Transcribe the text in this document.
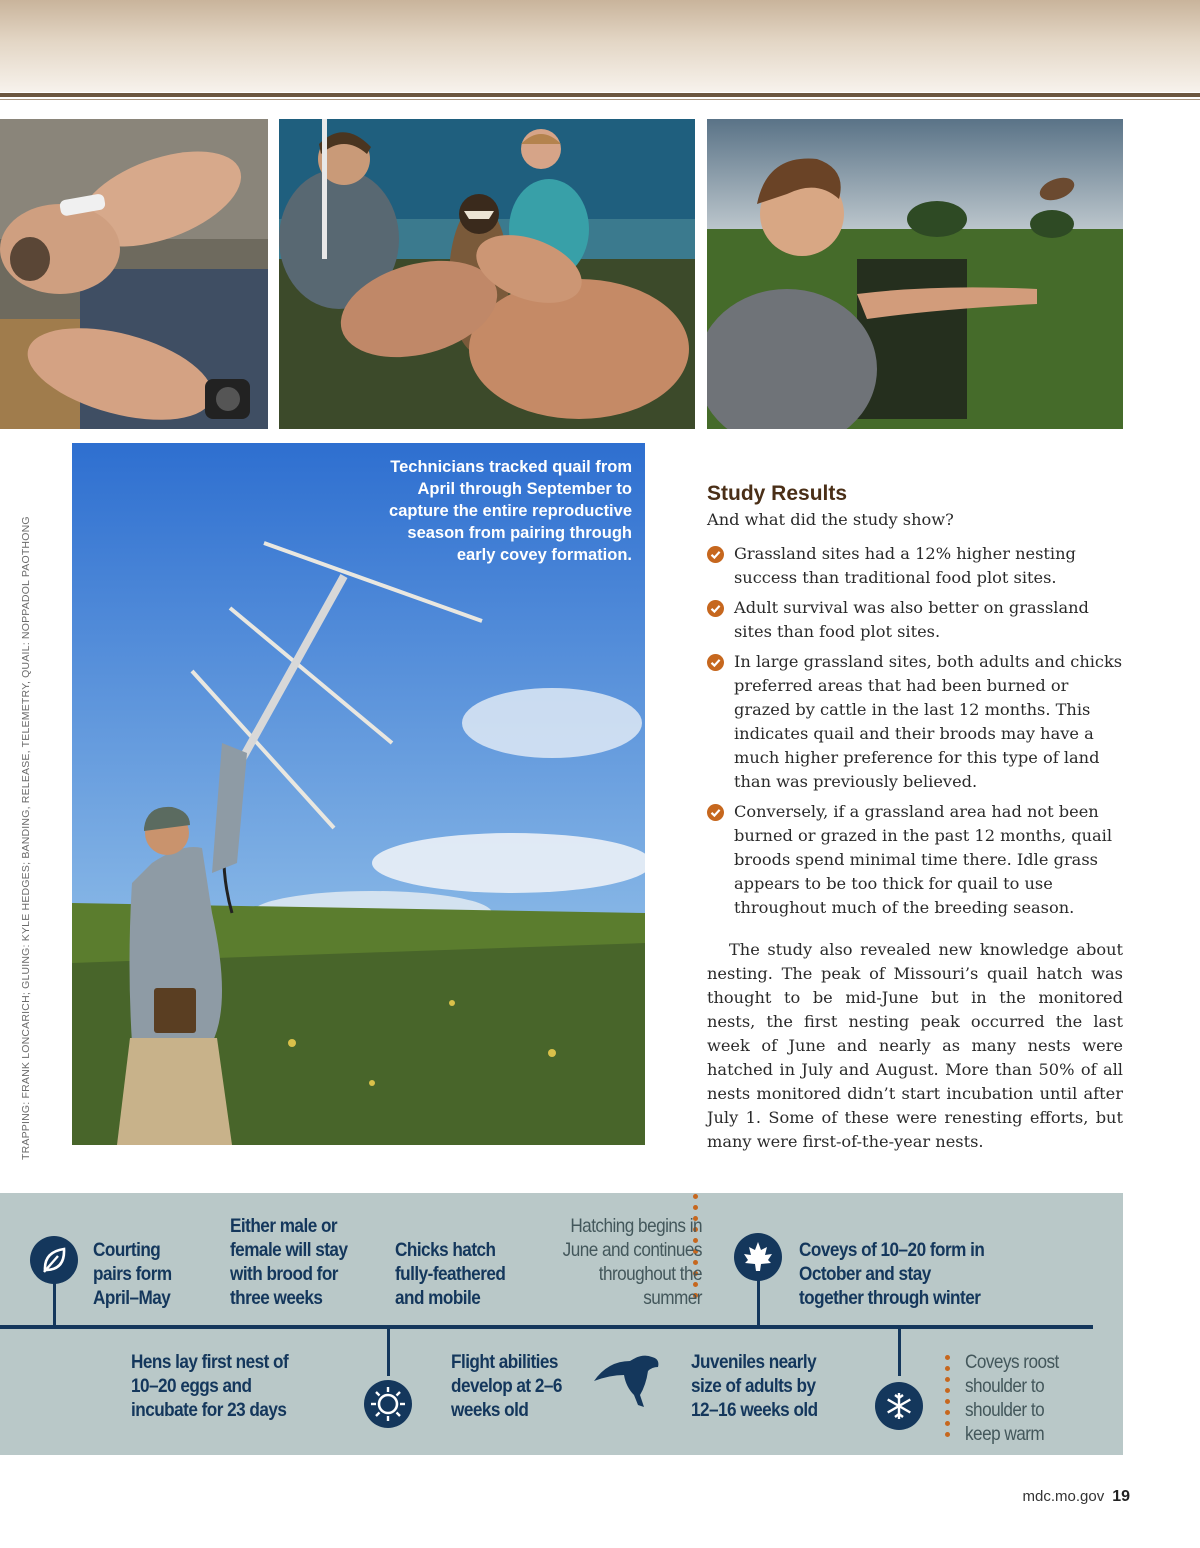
TRAPPING: FRANK LONCARICH; GLUING: KYLE HEDGES; BANDING, RELEASE, TELEMETRY, QUAIL: NOPPADOL PAOTHONG
Technicians tracked quail from April through September to capture the entire reproductive season from pairing through early covey formation.
Study Results

And what did the study show?

Grassland sites had a 12% higher nesting success than traditional food plot sites.
Adult survival was also better on grassland sites than food plot sites.
In large grassland sites, both adults and chicks preferred areas that had been burned or grazed by cattle in the last 12 months. This indicates quail and their broods may have a much higher preference for this type of land than was previously believed.
Conversely, if a grassland area had not been burned or grazed in the past 12 months, quail broods spend minimal time there. Idle grass appears to be too thick for quail to use throughout much of the breeding season.

The study also revealed new knowledge about nesting. The peak of Missouri’s quail hatch was thought to be mid-June but in the monitored nests, the first nesting peak occurred the last week of June and nearly as many nests were hatched in July and August. More than 50% of all nests monitored didn’t start incubation until after July 1. Some of these were renesting efforts, but many were first-of-the-year nests.

Courting pairs form April–May
Either male or female will stay with brood for three weeks
Chicks hatch fully-feathered and mobile
Hatching begins in June and continues throughout the summer
Coveys of 10–20 form in October and stay together through winter
Hens lay first nest of 10–20 eggs and incubate for 23 days
Flight abilities develop at 2–6 weeks old
Juveniles nearly size of adults by 12–16 weeks old
Coveys roost shoulder to shoulder to keep warm
mdc.mo.gov 19
